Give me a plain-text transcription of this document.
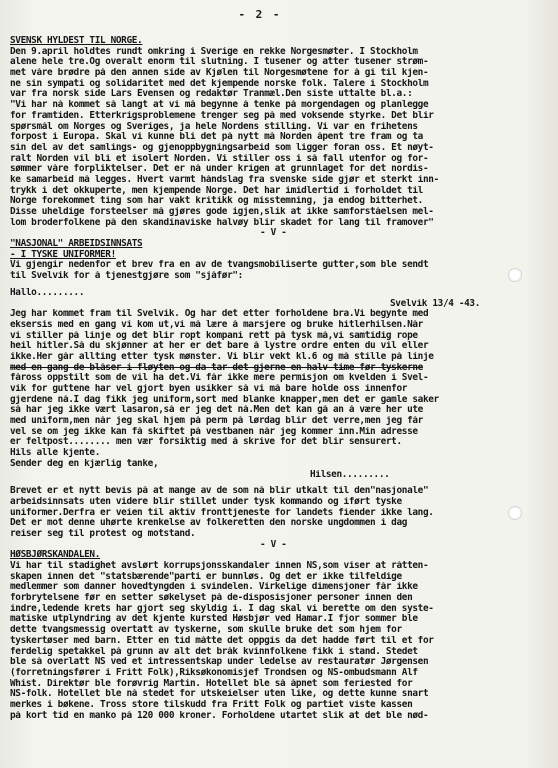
- 2 -
SVENSK HYLDEST TIL NORGE.
Den 9.april holdtes rundt omkring i Sverige en rekke Norgesmøter. I Stockholm
alene hele tre.Og overalt enorm til slutning. I tusener og atter tusener strøm-
met våre brødre på den annen side av Kjølen til Norgesmøtene for å gi til kjen-
ne sin sympati og solidaritet med det kjempende norske folk. Talere i Stockholm
var fra norsk side Lars Evensen og redaktør Tranmæl.Den siste uttalte bl.a.:
"Vi har nå kommet så langt at vi må begynne å tenke på morgendagen og planlegge
for framtiden. Etterkrigsproblemene trenger seg på med voksende styrke. Det blir
spørsmål om Norges og Sveriges, ja hele Nordens stilling. Vi var en frihetens
forpost i Europa. Skal vi kunne bli det på nytt må Norden åpent tre fram og ta
sin del av det samlings- og gjenoppbygningsarbeid som ligger foran oss. Et nøyt-
ralt Norden vil bli et isolert Norden. Vi stiller oss i så fall utenfor og for-
sømmer våre forpliktelser. Det er nå under krigen at grunnlaget for det nordis-
ke samarbeid må legges. Hvert varmt håndslag fra svenske side gjør et sterkt inn-
trykk i det okkuperte, men kjempende Norge. Det har imidlertid i forholdet til
Norge forekommet ting som har vakt kritikk og misstemning, ja endog bitterhet.
Disse uheldige forsteelser må gjøres gode igjen,slik at ikke samforståelsen mel-
lom broderfolkene på den skandinaviske halvøy blir skadet for lang til framover"
- V -
"NASJONAL" ARBEIDSINNSATS
- I TYSKE UNIFORMER!
Vi gjengir nedenfor et brev fra en av de tvangsmobiliserte gutter,som ble sendt
til Svelvik for å tjenestgjøre som "sjåfør":
Hallo.........
Svelvik 13/4 -43.
Jeg har kommet fram til Svelvik. Og har det etter forholdene bra.Vi begynte med
eksersis med en gang vi kom ut,vi må lære å marsjere og bruke hitlerhilsen.Når
vi stiller på linje og det blir ropt kompani rett på tysk må,vi samtidig rope
heil hitler.Så du skjønner at her er det bare å lystre ordre enten du vil eller
ikke.Her går allting etter tysk mønster. Vi blir vekt kl.6 og må stille på linje
med en gang de blåser i fløyten og da tar det gjerne en halv time før tyskerne
fåross oppstilt som de vil ha det.Vi får ikke mere permisjon om kvelden i Svel-
vik for guttene har vel gjort byen usikker så vi må bare holde oss innenfor
gjerdene nå.I dag fikk jeg uniform,sort med blanke knapper,men det er gamle saker
så har jeg ikke vært lasaron,så er jeg det nå.Men det kan gå an å være her ute
med uniform,men når jeg skal hjem på perm på lørdag blir det verre,men jeg får
vel se om jeg ikke kan få skiftet på vestbanen når jeg kommer inn.Min adresse
er feltpost........ men vær forsiktig med å skrive for det blir sensurert.
Hils alle kjente.
Sender deg en kjærlig tanke,
Hilsen.........
Brevet er et nytt bevis på at mange av de som nå blir utkalt til den"nasjonale"
arbeidsinnsats uten videre blir stillet under tysk kommando og iført tyske
uniformer.Derfra er veien til aktiv fronttjeneste for landets fiender ikke lang.
Det er mot denne uhørte krenkelse av folkeretten den norske ungdommen i dag
reiser seg til protest og motstand.
- V -
HØSBJØRSKANDALEN.
Vi har til stadighet avslørt korrupsjonsskandaler innen NS,som viser at råtten-
skapen innen det "statsbærende"parti er bunnløs. Og det er ikke tilfeldige
medlemmer som danner hovedtyngden i svindelen. Virkelige dimensjoner får ikke
forbrytelsene før en setter søkelyset på de-disposisjoner personer innen den
indre,ledende krets har gjort seg skyldig i. I dag skal vi berette om den syste-
matiske utplyndring av det kjente kursted Høsbjør ved Hamar.I fjor sommer ble
dette tvangsmessig overtatt av tyskerne, som skulle bruke det som hjem for
tyskertøser med barn. Etter en tid måtte det oppgis da det hadde ført til et for
ferdelig spetakkel på grunn av alt det bråk kvinnfolkene fikk i stand. Stedet
ble så overlatt NS ved et intressentskap under ledelse av restauratør Jørgensen
(forretningsfører i Fritt Folk),Riksøkonomisjef Trondsen og NS-ombudsmann Alf
Whist. Direktør ble forøvrig Martin. Hotellet ble så åpnet som feriested for
NS-folk. Hotellet ble nå stedet for utskeielser uten like, og dette kunne snart
merkes i bøkene. Tross store tilskudd fra Fritt Folk og partiet viste kassen
på kort tid en manko på 120 000 kroner. Forholdene utartet slik at det ble nød-
